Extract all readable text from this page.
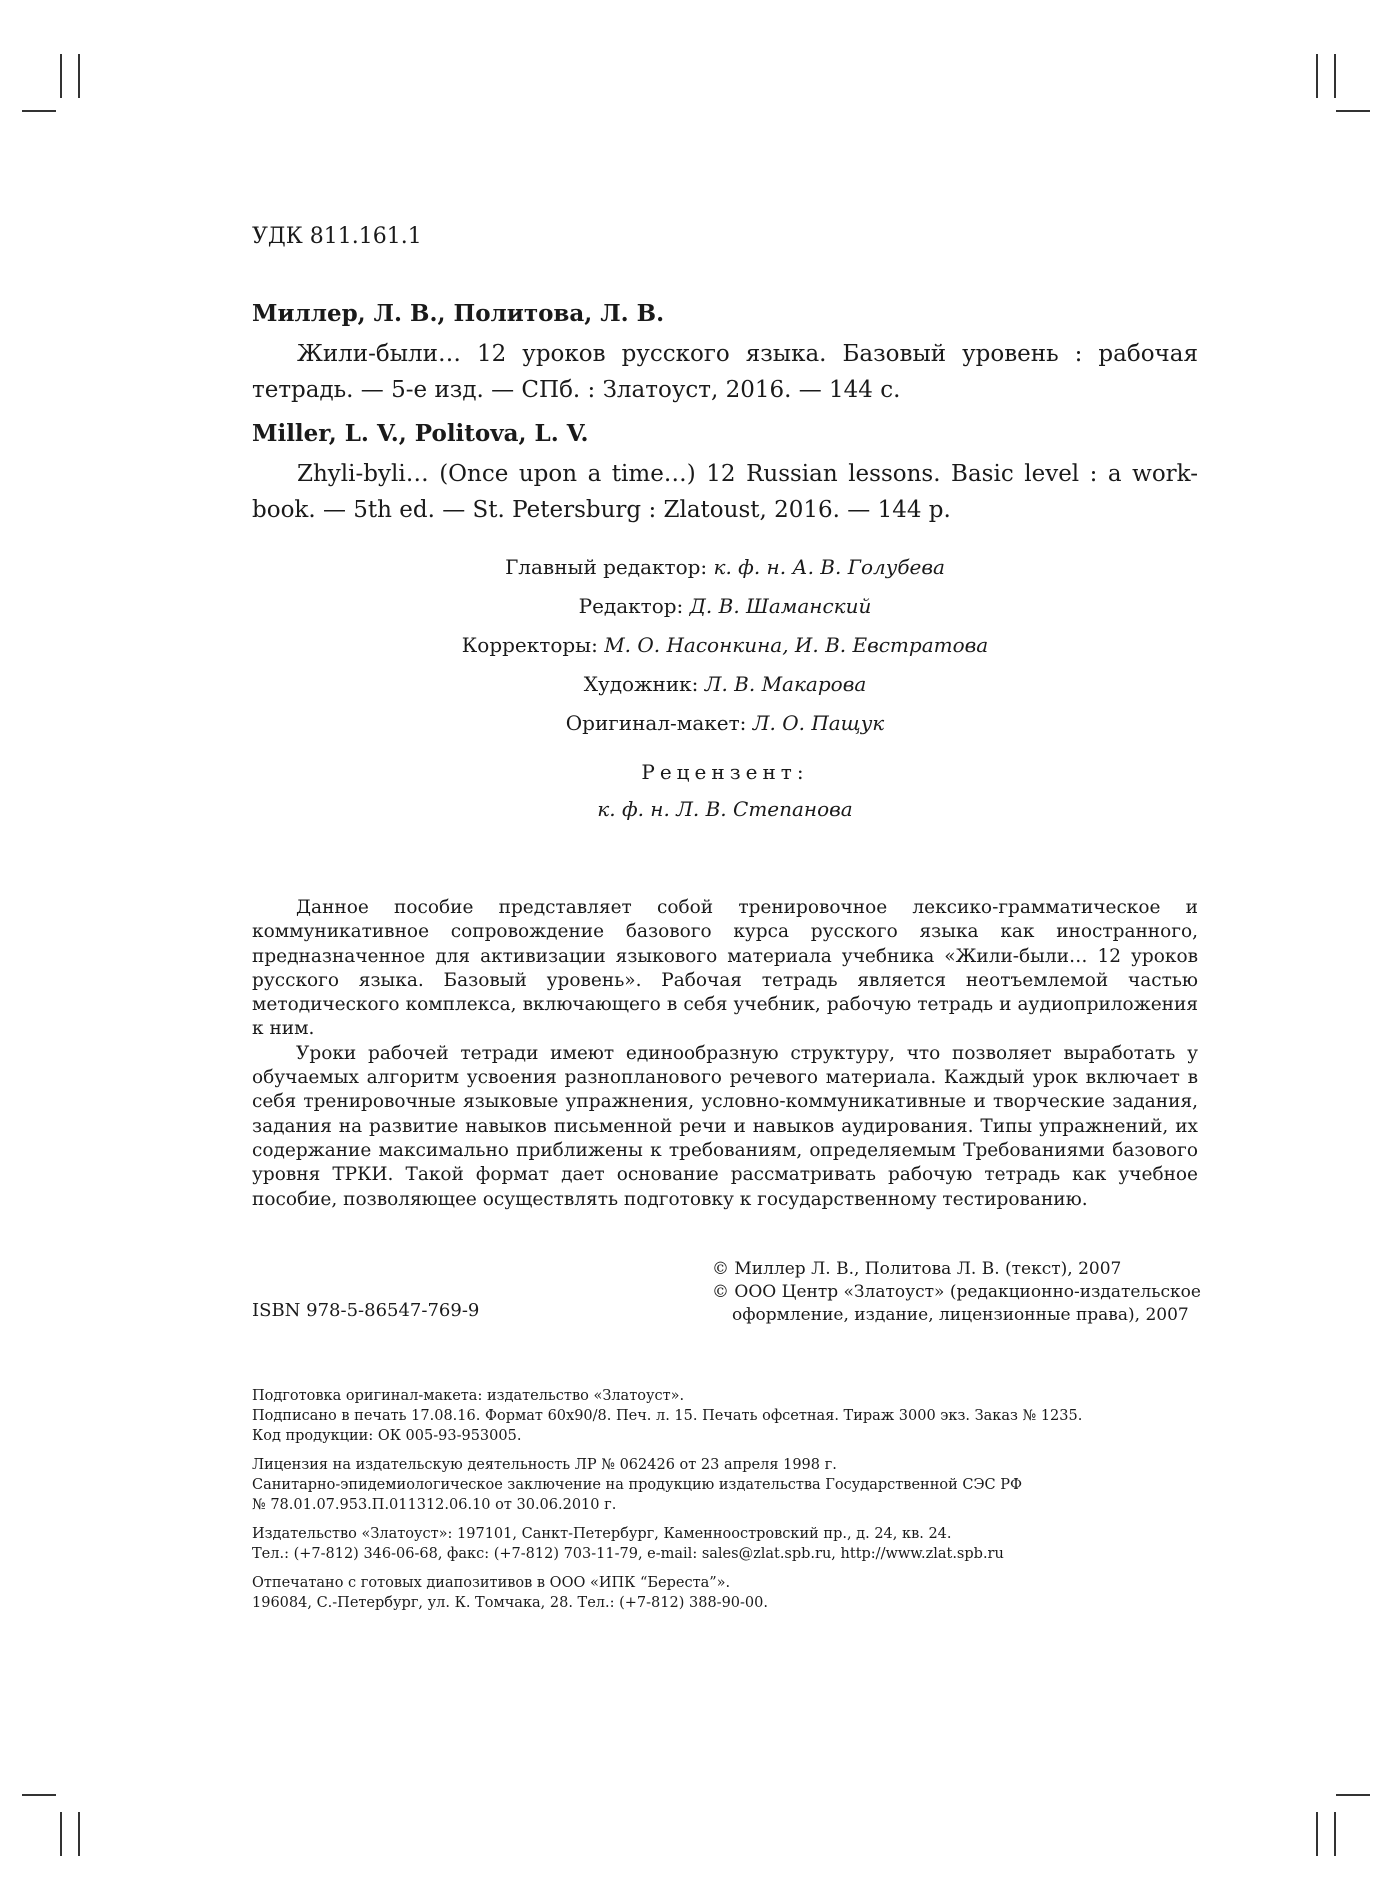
УДК 811.161.1

Миллер, Л. В., Политова, Л. В.

Жили-были… 12 уроков русского языка. Базовый уровень : рабочая тетрадь. — 5-е изд. — СПб. : Златоуст, 2016. — 144 с.

Miller, L. V., Politova, L. V.

Zhyli-byli… (Once upon a time…) 12 Russian lessons. Basic level : a work-book. — 5th ed. — St. Petersburg : Zlatoust, 2016. — 144 p.

Главный редактор: к. ф. н. А. В. Голубева
Редактор: Д. В. Шаманский
Корректоры: М. О. Насонкина, И. В. Евстратова
Художник: Л. В. Макарова
Оригинал-макет: Л. О. Пащук
Рецензент:
к. ф. н. Л. В. Степанова

Данное пособие представляет собой тренировочное лексико-грамматическое и коммуникативное сопровождение базового курса русского языка как иностранного, предназначенное для активизации языкового материала учебника «Жили-были… 12 уроков русского языка. Базовый уровень». Рабочая тетрадь является неотъемлемой частью методического комплекса, включающего в себя учебник, рабочую тетрадь и аудиоприложения к ним.

Уроки рабочей тетради имеют единообразную структуру, что позволяет выработать у обучаемых алгоритм усвоения разнопланового речевого материала. Каждый урок включает в себя тренировочные языковые упражнения, условно-коммуникативные и творческие задания, задания на развитие навыков письменной речи и навыков аудирования. Типы упражнений, их содержание максимально приближены к требованиям, определяемым Требованиями базового уровня ТРКИ. Такой формат дает основание рассматривать рабочую тетрадь как учебное пособие, позволяющее осуществлять подготовку к государственному тестированию.

© Миллер Л. В., Политова Л. В. (текст), 2007
© ООО Центр «Златоуст» (редакционно-издательское
оформление, издание, лицензионные права), 2007
ISBN 978-5-86547-769-9
Подготовка оригинал-макета: издательство «Златоуст».
Подписано в печать 17.08.16. Формат 60х90/8. Печ. л. 15. Печать офсетная. Тираж 3000 экз. Заказ № 1235.
Код продукции: ОК 005-93-953005.
Лицензия на издательскую деятельность ЛР № 062426 от 23 апреля 1998 г.
Санитарно-эпидемиологическое заключение на продукцию издательства Государственной СЭС РФ
№ 78.01.07.953.П.011312.06.10 от 30.06.2010 г.
Издательство «Златоуст»: 197101, Санкт-Петербург, Каменноостровский пр., д. 24, кв. 24.
Тел.: (+7-812) 346-06-68, факс: (+7-812) 703-11-79, e-mail: sales@zlat.spb.ru, http://www.zlat.spb.ru
Отпечатано с готовых диапозитивов в ООО «ИПК “Береста”».
196084, С.-Петербург, ул. К. Томчака, 28. Тел.: (+7-812) 388-90-00.
